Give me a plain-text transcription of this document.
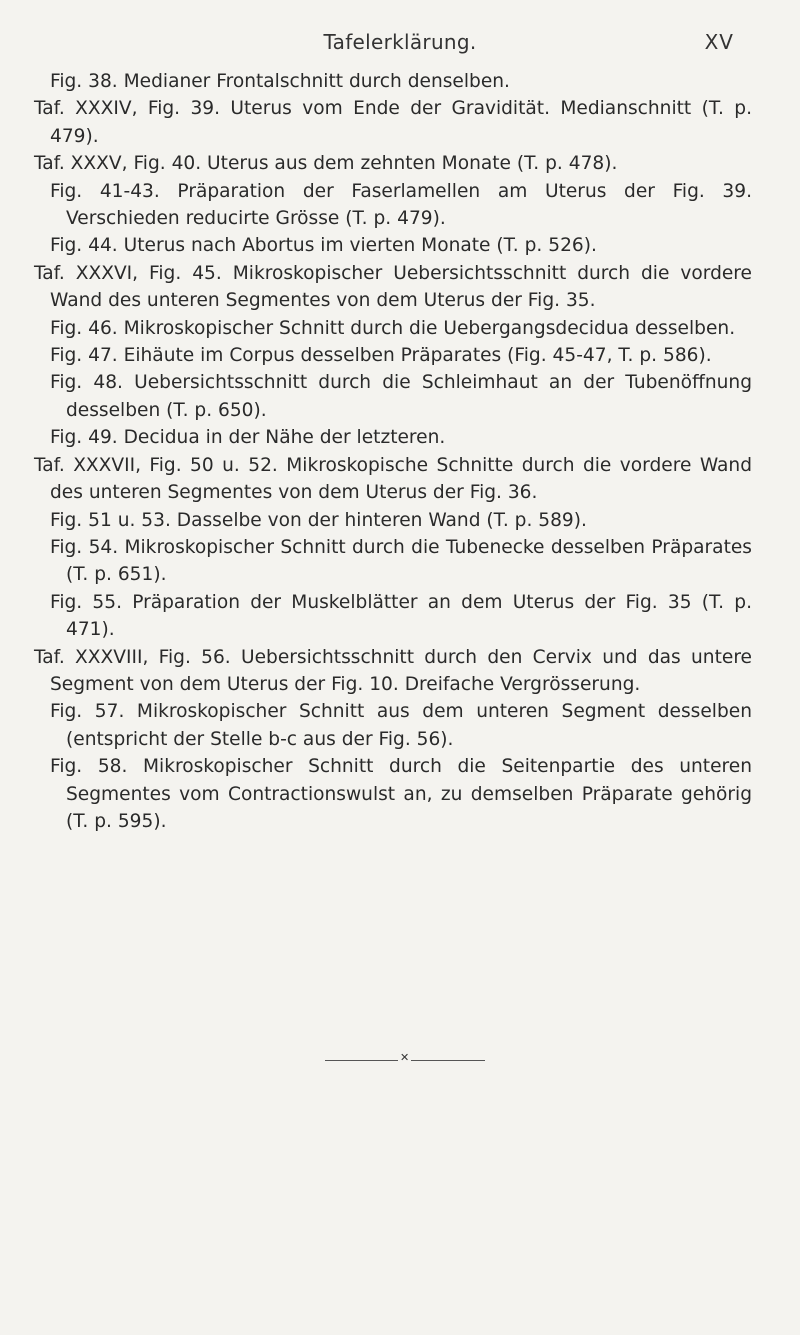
Tafelerklärung.	XV

Fig. 38. Medianer Frontalschnitt durch denselben.

Taf. XXXIV, Fig. 39. Uterus vom Ende der Gravidität. Medianschnitt (T. p. 479).

Taf. XXXV, Fig. 40. Uterus aus dem zehnten Monate (T. p. 478).

Fig. 41-43. Präparation der Faserlamellen am Uterus der Fig. 39. Verschieden reducirte Grösse (T. p. 479).

Fig. 44. Uterus nach Abortus im vierten Monate (T. p. 526).

Taf. XXXVI, Fig. 45. Mikroskopischer Uebersichtsschnitt durch die vordere Wand des unteren Segmentes von dem Uterus der Fig. 35.

Fig. 46. Mikroskopischer Schnitt durch die Uebergangsdecidua desselben.

Fig. 47. Eihäute im Corpus desselben Präparates (Fig. 45-47, T. p. 586).

Fig. 48. Uebersichtsschnitt durch die Schleimhaut an der Tubenöffnung desselben (T. p. 650).

Fig. 49. Decidua in der Nähe der letzteren.

Taf. XXXVII, Fig. 50 u. 52. Mikroskopische Schnitte durch die vordere Wand des unteren Segmentes von dem Uterus der Fig. 36.

Fig. 51 u. 53. Dasselbe von der hinteren Wand (T. p. 589).

Fig. 54. Mikroskopischer Schnitt durch die Tubenecke desselben Präparates (T. p. 651).

Fig. 55. Präparation der Muskelblätter an dem Uterus der Fig. 35 (T. p. 471).

Taf. XXXVIII, Fig. 56. Uebersichtsschnitt durch den Cervix und das untere Segment von dem Uterus der Fig. 10. Dreifache Vergrösserung.

Fig. 57. Mikroskopischer Schnitt aus dem unteren Segment desselben (entspricht der Stelle b-c aus der Fig. 56).

Fig. 58. Mikroskopischer Schnitt durch die Seitenpartie des unteren Segmentes vom Contractionswulst an, zu demselben Präparate gehörig (T. p. 595).

✕
